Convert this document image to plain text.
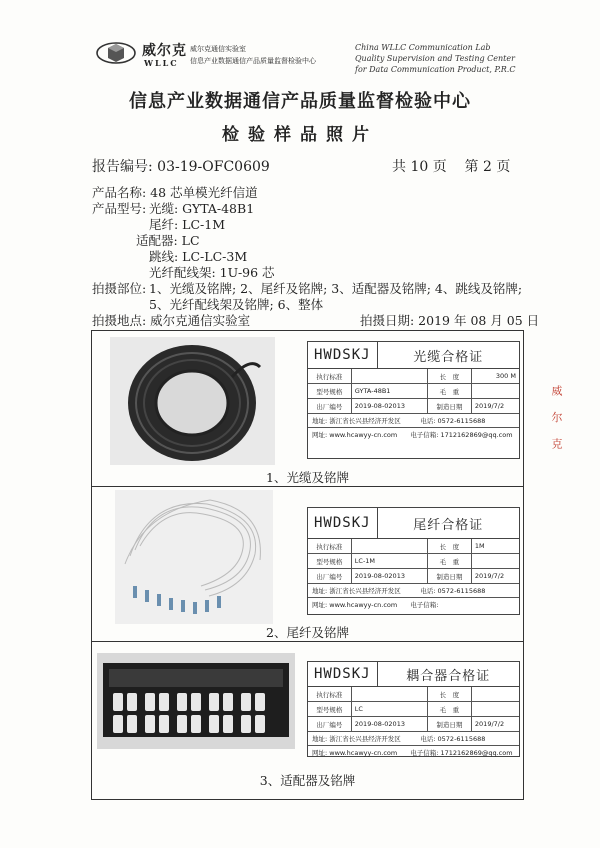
威尔克
WLLC
威尔克通信实验室
信息产业数据通信产品质量监督检验中心
China WLLC Communication Lab
Quality Supervision and Testing Center
for Data Communication Product, P.R.C
信息产业数据通信产品质量监督检验中心
检验样品照片
报告编号: 03-19-OFC0609	共 10 页    第 2 页
产品名称: 48 芯单模光纤信道
产品型号: 光缆: GYTA-48B1
尾纤: LC-1M
适配器: LC
跳线: LC-LC-3M
光纤配线架: 1U-96 芯
拍摄部位: 1、光缆及铭牌; 2、尾纤及铭牌; 3、适配器及铭牌; 4、跳线及铭牌;
5、光纤配线架及铭牌; 6、整体
拍摄地点: 威尔克通信实验室	拍摄日期: 2019 年 08 月 05 日
HWDSKJ	光缆合格证
执行标准		长　度	300 M
型号规格	GYTA-48B1	毛　重	
出厂编号	2019-08-02013	制造日期	2019/7/2
地址: 浙江省长兴县经济开发区　　　	电话: 0572-6115688
网址: www.hcawyy-cn.com　　 电子信箱: 1712162869@qq.com
1、光缆及铭牌
HWDSKJ	尾纤合格证
执行标准		长　度	1M
型号规格	LC-1M	毛　重	
出厂编号	2019-08-02013	制造日期	2019/7/2
地址: 浙江省长兴县经济开发区　　　	电话: 0572-6115688
网址: www.hcawyy-cn.com　　 电子信箱:
2、尾纤及铭牌
HWDSKJ	耦合器合格证
执行标准		长　度	
型号规格	LC	毛　重	
出厂编号	2019-08-02013	制造日期	2019/7/2
地址: 浙江省长兴县经济开发区　　　	电话: 0572-6115688
网址: www.hcawyy-cn.com　　 电子信箱: 1712162869@qq.com
3、适配器及铭牌
威 尔 克
